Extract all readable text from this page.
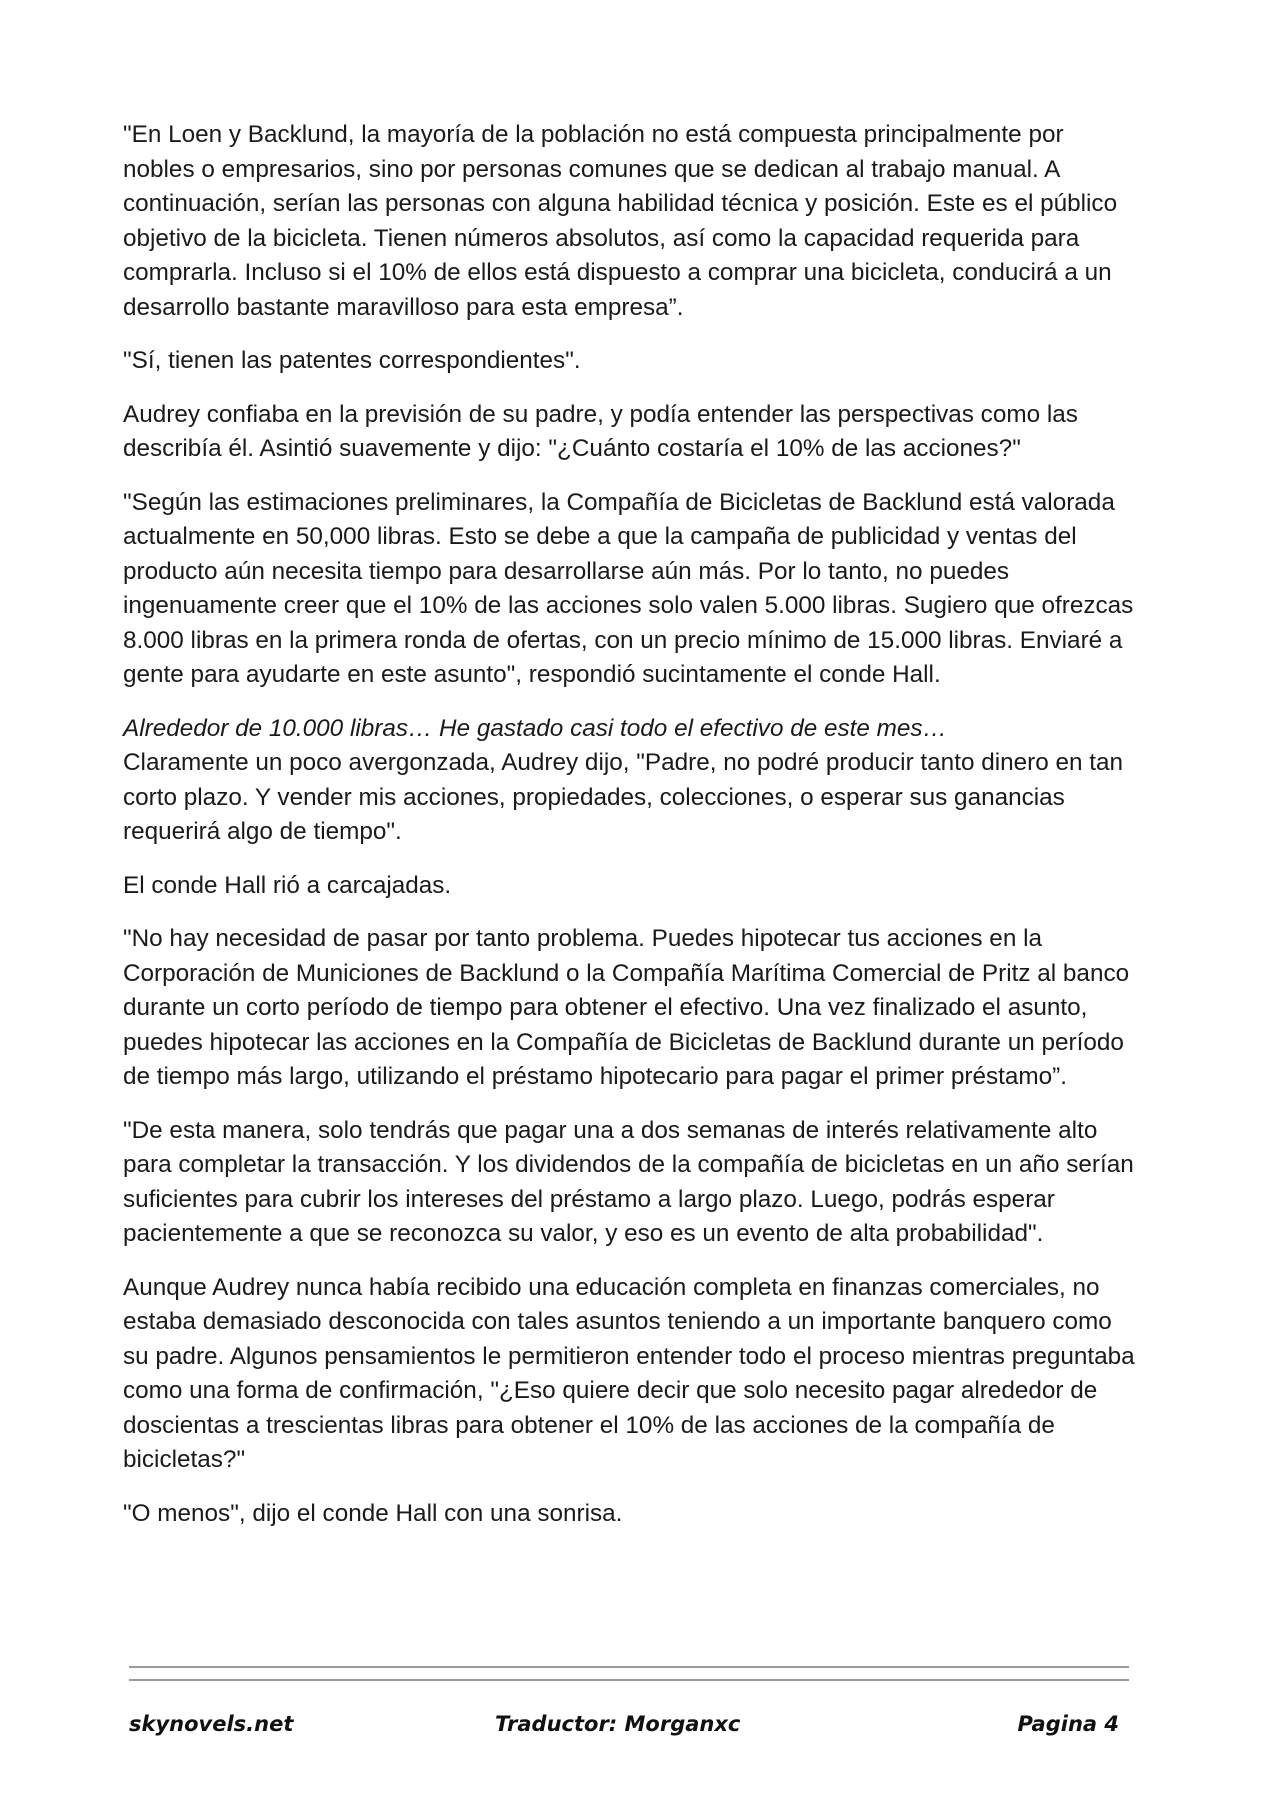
"En Loen y Backlund, la mayoría de la población no está compuesta principalmente por nobles o empresarios, sino por personas comunes que se dedican al trabajo manual. A continuación, serían las personas con alguna habilidad técnica y posición. Este es el público objetivo de la bicicleta. Tienen números absolutos, así como la capacidad requerida para comprarla. Incluso si el 10% de ellos está dispuesto a comprar una bicicleta, conducirá a un desarrollo bastante maravilloso para esta empresa”.

"Sí, tienen las patentes correspondientes".

Audrey confiaba en la previsión de su padre, y podía entender las perspectivas como las describía él. Asintió suavemente y dijo: "¿Cuánto costaría el 10% de las acciones?"

"Según las estimaciones preliminares, la Compañía de Bicicletas de Backlund está valorada actualmente en 50,000 libras. Esto se debe a que la campaña de publicidad y ventas del producto aún necesita tiempo para desarrollarse aún más. Por lo tanto, no puedes ingenuamente creer que el 10% de las acciones solo valen 5.000 libras. Sugiero que ofrezcas 8.000 libras en la primera ronda de ofertas, con un precio mínimo de 15.000 libras. Enviaré a gente para ayudarte en este asunto", respondió sucintamente el conde Hall.

Alrededor de 10.000 libras… He gastado casi todo el efectivo de este mes…
Claramente un poco avergonzada, Audrey dijo, "Padre, no podré producir tanto dinero en tan corto plazo. Y vender mis acciones, propiedades, colecciones, o esperar sus ganancias requerirá algo de tiempo".

El conde Hall rió a carcajadas.

"No hay necesidad de pasar por tanto problema. Puedes hipotecar tus acciones en la Corporación de Municiones de Backlund o la Compañía Marítima Comercial de Pritz al banco durante un corto período de tiempo para obtener el efectivo. Una vez finalizado el asunto, puedes hipotecar las acciones en la Compañía de Bicicletas de Backlund durante un período de tiempo más largo, utilizando el préstamo hipotecario para pagar el primer préstamo”.

"De esta manera, solo tendrás que pagar una a dos semanas de interés relativamente alto para completar la transacción. Y los dividendos de la compañía de bicicletas en un año serían suficientes para cubrir los intereses del préstamo a largo plazo. Luego, podrás esperar pacientemente a que se reconozca su valor, y eso es un evento de alta probabilidad".

Aunque Audrey nunca había recibido una educación completa en finanzas comerciales, no estaba demasiado desconocida con tales asuntos teniendo a un importante banquero como su padre. Algunos pensamientos le permitieron entender todo el proceso mientras preguntaba como una forma de confirmación, "¿Eso quiere decir que solo necesito pagar alrededor de doscientas a trescientas libras para obtener el 10% de las acciones de la compañía de bicicletas?"

"O menos", dijo el conde Hall con una sonrisa.

skynovels.net	Traductor: Morganxc	Pagina 4
